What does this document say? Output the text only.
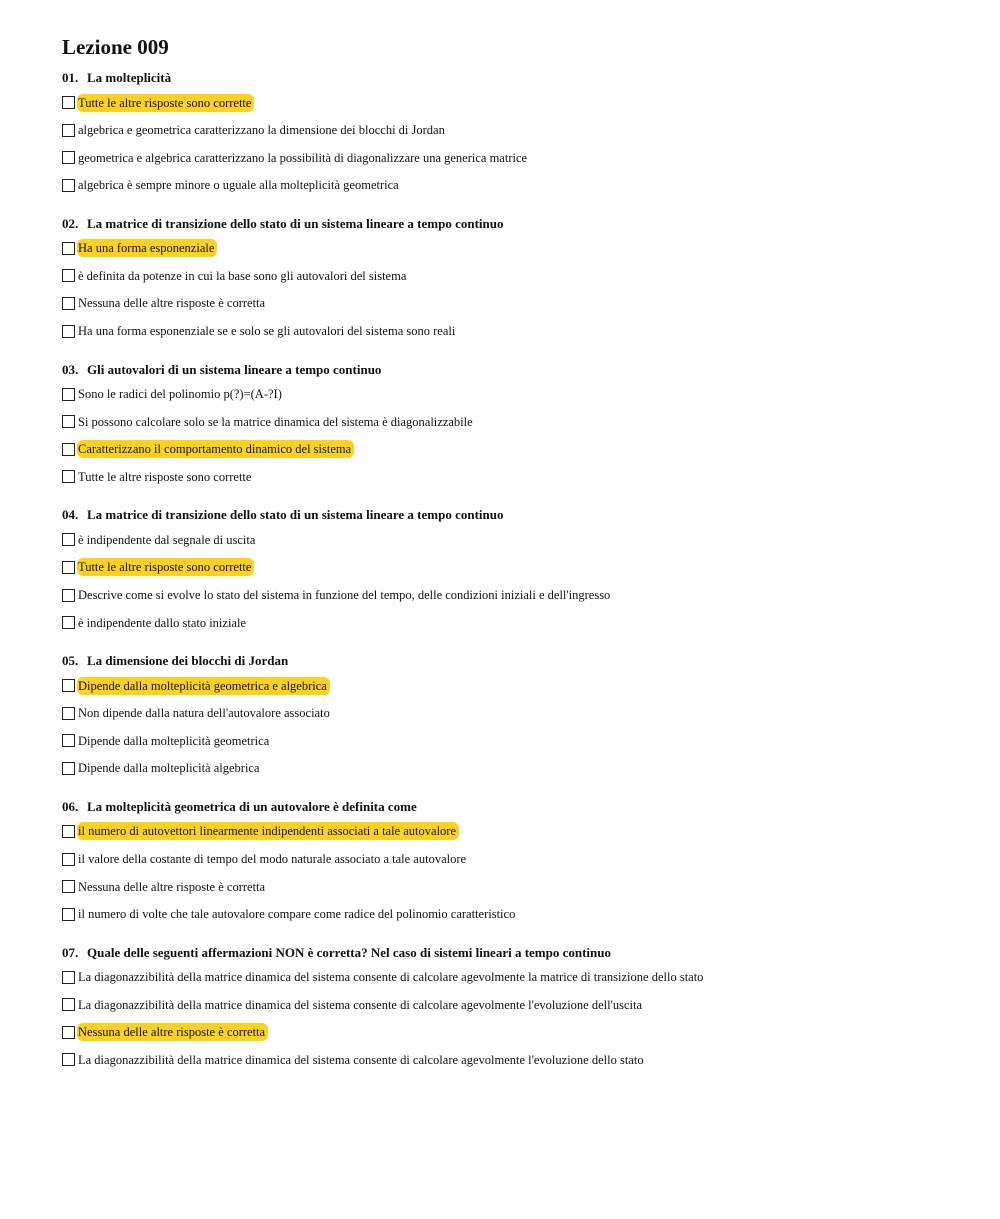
Lezione 009
01. La molteplicità
Tutte le altre risposte sono corrette
algebrica e geometrica caratterizzano la dimensione dei blocchi di Jordan
geometrica e algebrica caratterizzano la possibilità di diagonalizzare una generica matrice
algebrica è sempre minore o uguale alla molteplicità geometrica
02. La matrice di transizione dello stato di un sistema lineare a tempo continuo
Ha una forma esponenziale
è definita da potenze in cui la base sono gli autovalori del sistema
Nessuna delle altre risposte è corretta
Ha una forma esponenziale se e solo se gli autovalori del sistema sono reali
03. Gli autovalori di un sistema lineare a tempo continuo
Sono le radici del polinomio p(?)=(A-?I)
Si possono calcolare solo se la matrice dinamica del sistema è diagonalizzabile
Caratterizzano il comportamento dinamico del sistema
Tutte le altre risposte sono corrette
04. La matrice di transizione dello stato di un sistema lineare a tempo continuo
è indipendente dal segnale di uscita
Tutte le altre risposte sono corrette
Descrive come si evolve lo stato del sistema in funzione del tempo, delle condizioni iniziali e dell'ingresso
è indipendente dallo stato iniziale
05. La dimensione dei blocchi di Jordan
Dipende dalla molteplicità geometrica e algebrica
Non dipende dalla natura dell'autovalore associato
Dipende dalla molteplicità geometrica
Dipende dalla molteplicità algebrica
06. La molteplicità geometrica di un autovalore è definita come
il numero di autovettori linearmente indipendenti associati a tale autovalore
il valore della costante di tempo del modo naturale associato a tale autovalore
Nessuna delle altre risposte è corretta
il numero di volte che tale autovalore compare come radice del polinomio caratteristico
07. Quale delle seguenti affermazioni NON è corretta? Nel caso di sistemi lineari a tempo continuo
La diagonazzibilità della matrice dinamica del sistema consente di calcolare agevolmente la matrice di transizione dello stato
La diagonazzibilità della matrice dinamica del sistema consente di calcolare agevolmente l'evoluzione dell'uscita
Nessuna delle altre risposte è corretta
La diagonazzibilità della matrice dinamica del sistema consente di calcolare agevolmente l'evoluzione dello stato
